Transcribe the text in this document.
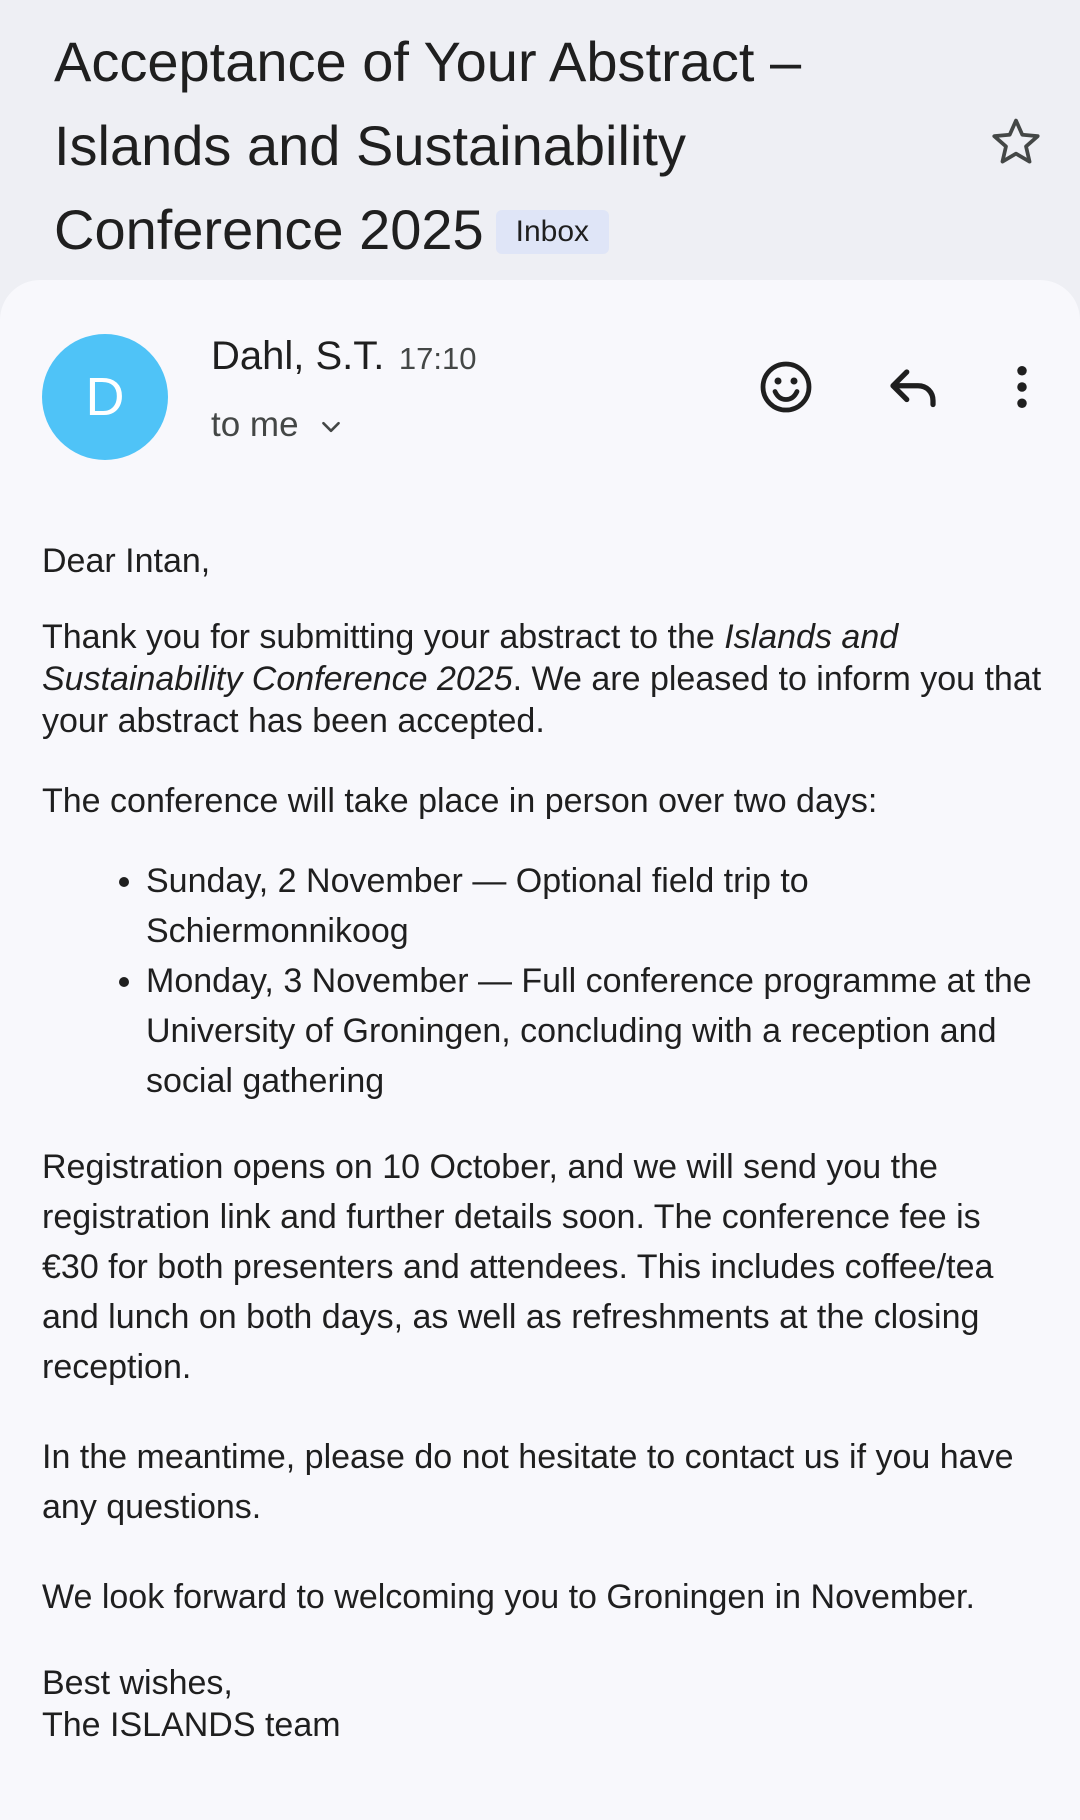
Acceptance of Your Abstract – Islands and Sustainability Conference 2025 Inbox
D
Dahl, S.T. 17:10
to me

Dear Intan,

Thank you for submitting your abstract to the Islands and Sustainability Conference 2025. We are pleased to inform you that your abstract has been accepted.

The conference will take place in person over two days:

• Sunday, 2 November — Optional field trip to Schiermonnikoog
• Monday, 3 November — Full conference programme at the University of Groningen, concluding with a reception and social gathering

Registration opens on 10 October, and we will send you the registration link and further details soon. The conference fee is €30 for both presenters and attendees. This includes coffee/tea and lunch on both days, as well as refreshments at the closing reception.

In the meantime, please do not hesitate to contact us if you have any questions.

We look forward to welcoming you to Groningen in November.

Best wishes,

The ISLANDS team
